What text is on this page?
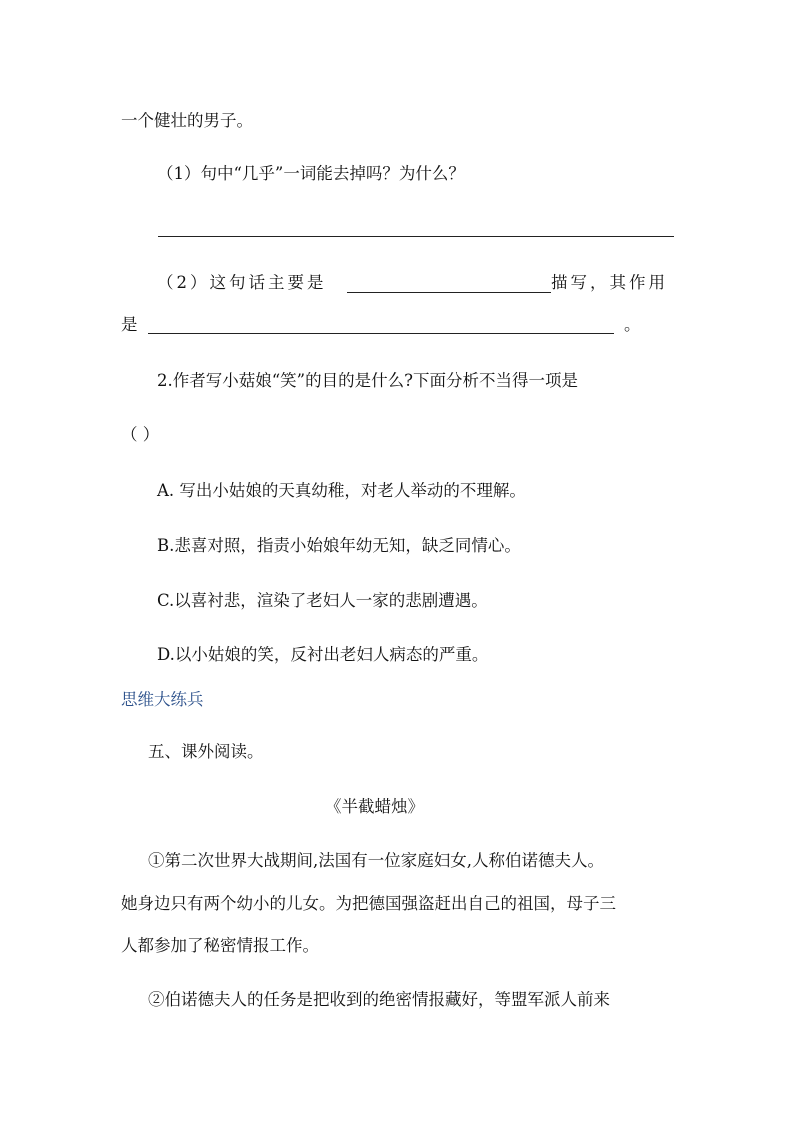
一个健壮的男子。
（1）句中“几乎”一词能去掉吗？为什么？
（2）这句话主要是	描写，其作用
是	。
2.作者写小菇娘“笑”的目的是什么?下面分析不当得一项是
（ ）
A. 写出小姑娘的天真幼稚，对老人举动的不理解。
B.悲喜对照，指责小始娘年幼无知，缺乏同情心。
C.以喜衬悲，渲染了老妇人一家的悲剧遭遇。
D.以小姑娘的笑，反衬出老妇人病态的严重。
思维大练兵
五、课外阅读。
《半截蜡烛》
①第二次世界大战期间,法国有一位家庭妇女,人称伯诺德夫人。
她身边只有两个幼小的儿女。为把德国强盗赶出自己的祖国，母子三
人都参加了秘密情报工作。
②伯诺德夫人的任务是把收到的绝密情报藏好，等盟军派人前来
